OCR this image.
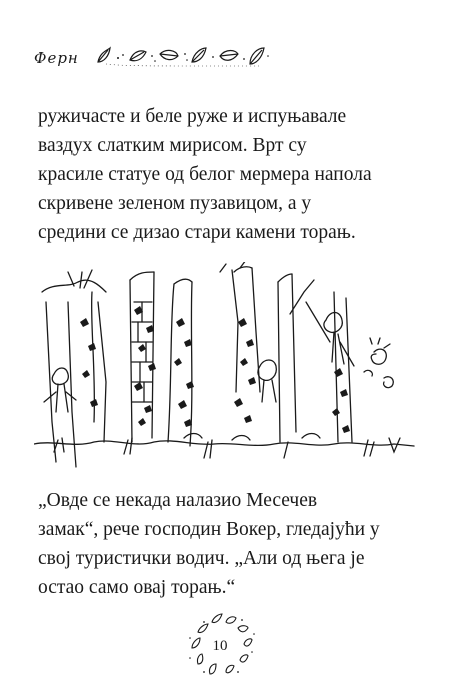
Ферн
ружичасте и беле руже и испуњавале
ваздух слатким мирисом. Врт су
красиле статуе од белог мермера напола
скривене зеленом пузавицом, а у
средини се дизао стари камени торањ.
„Овде се некада налазио Месечев
замак“, рече господин Вокер, гледајући у
свој туристички водич. „Али од њега је
остао само овај торањ.“
10
